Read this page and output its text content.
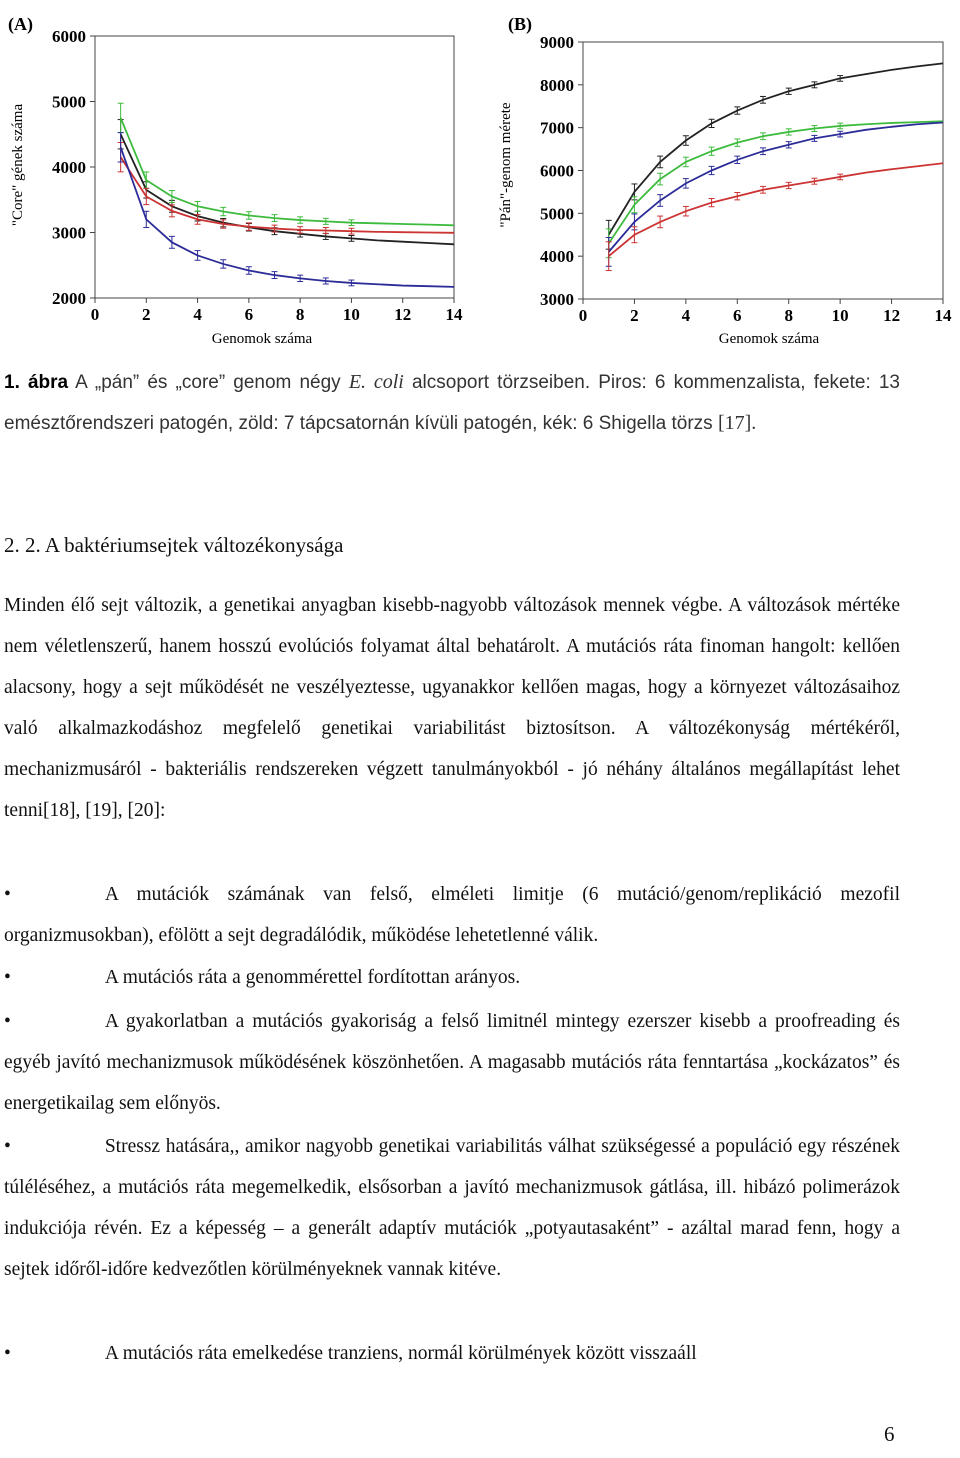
(A)	(B)
0	2	4	6	8 10 12 14
2000
3000
4000
5000
6000
0	2	4	6	8 10 12 14
3000
4000
5000
6000
7000
8000
9000
"Core" gének száma	"Pán"-genom mérete
Genomok száma	Genomok száma
1. ábra A „pán” és „core” genom négy E. coli alcsoport törzseiben. Piros: 6 kommenzalista, fekete: 13 emésztőrendszeri patogén, zöld: 7 tápcsatornán kívüli patogén, kék: 6 Shigella törzs [17].
2. 2. A baktériumsejtek változékonysága
Minden élő sejt változik, a genetikai anyagban kisebb-nagyobb változások mennek végbe. A változások mértéke nem véletlenszerű, hanem hosszú evolúciós folyamat által behatárolt. A mutációs ráta finoman hangolt: kellően alacsony, hogy a sejt működését ne veszélyeztesse, ugyanakkor kellően magas, hogy a környezet változásaihoz való alkalmazkodáshoz megfelelő genetikai variabilitást biztosítson. A változékonyság mértékéről, mechanizmusáról - bakteriális rendszereken végzett tanulmányokból - jó néhány általános megállapítást lehet tenni[18], [19], [20]:
•	A mutációk számának van felső, elméleti limitje (6 mutáció/genom/replikáció mezofil organizmusokban), efölött a sejt degradálódik, működése lehetetlenné válik.
•	A mutációs ráta a genommérettel fordítottan arányos.
•	A gyakorlatban a mutációs gyakoriság a felső limitnél mintegy ezerszer kisebb a proofreading és egyéb javító mechanizmusok működésének köszönhetően. A magasabb mutációs ráta fenntartása „kockázatos” és energetikailag sem előnyös.
•	Stressz hatására,, amikor nagyobb genetikai variabilitás válhat szükségessé a populáció egy részének túléléséhez, a mutációs ráta megemelkedik, elsősorban a javító mechanizmusok gátlása, ill. hibázó polimerázok indukciója révén. Ez a képesség – a generált adaptív mutációk „potyautasaként” - azáltal marad fenn, hogy a sejtek időről-időre kedvezőtlen körülményeknek vannak kitéve.
•	A mutációs ráta emelkedése tranziens, normál körülmények között visszaáll
6
